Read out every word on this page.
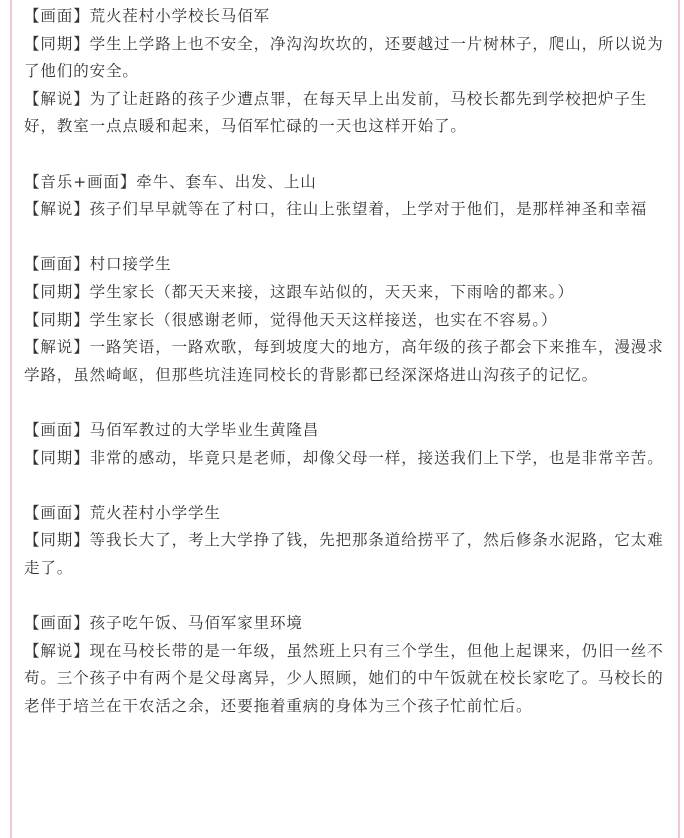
【画面】荒火茬村小学校长马佰军

【同期】学生上学路上也不安全，净沟沟坎坎的，还要越过一片树林子，爬山，所以说为了他们的安全。

【解说】为了让赶路的孩子少遭点罪，在每天早上出发前，马校长都先到学校把炉子生好，教室一点点暖和起来，马佰军忙碌的一天也这样开始了。

【音乐+画面】牵牛、套车、出发、上山

【解说】孩子们早早就等在了村口，往山上张望着，上学对于他们，是那样神圣和幸福

【画面】村口接学生

【同期】学生家长（都天天来接，这跟车站似的，天天来，下雨啥的都来。）

【同期】学生家长（很感谢老师，觉得他天天这样接送，也实在不容易。）

【解说】一路笑语，一路欢歌，每到坡度大的地方，高年级的孩子都会下来推车，漫漫求学路，虽然崎岖，但那些坑洼连同校长的背影都已经深深烙进山沟孩子的记忆。

【画面】马佰军教过的大学毕业生黄隆昌

【同期】非常的感动，毕竟只是老师，却像父母一样，接送我们上下学，也是非常辛苦。

【画面】荒火茬村小学学生

【同期】等我长大了，考上大学挣了钱，先把那条道给捞平了，然后修条水泥路，它太难走了。

【画面】孩子吃午饭、马佰军家里环境

【解说】现在马校长带的是一年级，虽然班上只有三个学生，但他上起课来，仍旧一丝不苟。三个孩子中有两个是父母离异，少人照顾，她们的中午饭就在校长家吃了。马校长的老伴于培兰在干农活之余，还要拖着重病的身体为三个孩子忙前忙后。
